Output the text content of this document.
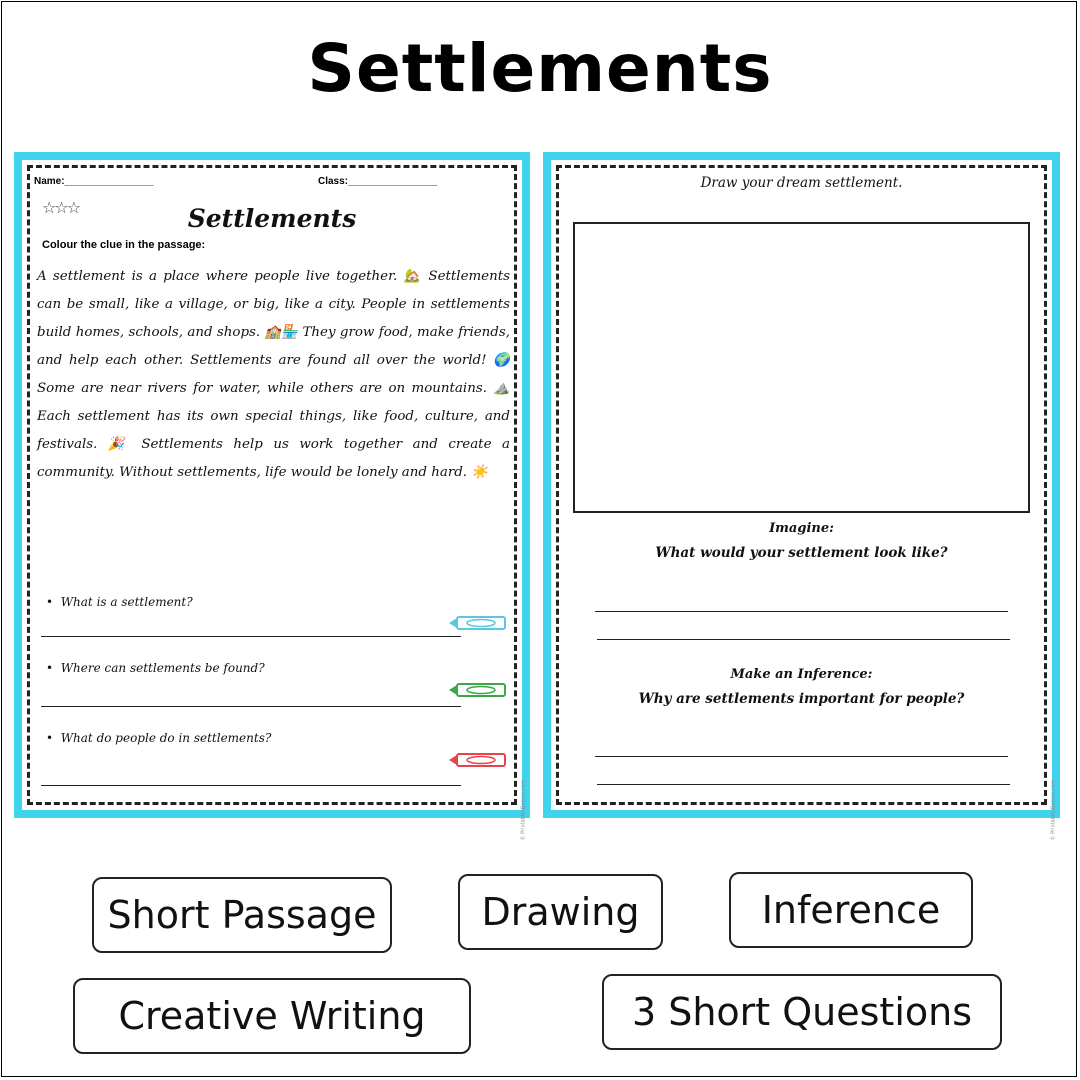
Settlements
Name:________________	Class:________________
☆☆☆	Settlements
Colour the clue in the passage:
A settlement is a place where people live together. 🏡 Settlements can be small, like a village, or big, like a city. People in settlements build homes, schools, and shops. 🏫🏪 They grow food, make friends, and help each other. Settlements are found all over the world! 🌍 Some are near rivers for water, while others are on mountains. ⛰️ Each settlement has its own special things, like food, culture, and festivals. 🎉 Settlements help us work together and create a community. Without settlements, life would be lonely and hard. ☀️
•  What is a settlement?
•  Where can settlements be found?
•  What do people do in settlements?
© PrintablesBazaar.com
Draw your dream settlement.
Imagine:
What would your settlement look like?
Make an Inference:
Why are settlements important for people?
© PrintablesBazaar.com
Short Passage	Drawing	Inference
Creative Writing	3 Short Questions
